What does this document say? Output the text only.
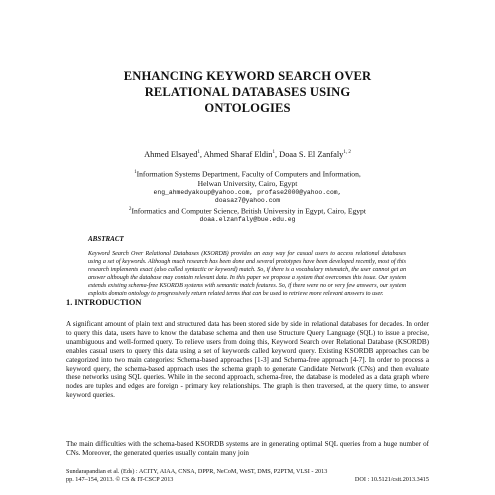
ENHANCING KEYWORD SEARCH OVER
RELATIONAL DATABASES USING
ONTOLOGIES
Ahmed Elsayed$^1$, Ahmed Sharaf Eldin$^1$, Doaa S. El Zanfaly$^{1, 2}$
$^1$Information Systems Department, Faculty of Computers and Information,
Helwan University, Cairo, Egypt
eng_ahmedyakoup@yahoo.com, profase2000@yahoo.com,
doasaz7@yahoo.com
$^2$Informatics and Computer Science, British University in Egypt, Cairo, Egypt
doaa.elzanfaly@bue.edu.eg
ABSTRACT
Keyword Search Over Relational Databases (KSORDB) provides an easy way for casual users to access relational databases using a set of keywords. Although much research has been done and several prototypes have been developed recently, most of this research implements exact (also called syntactic or keyword) match. So, if there is a vocabulary mismatch, the user cannot get an answer although the database may contain relevant data. In this paper we propose a system that overcomes this issue. Our system extends existing schema-free KSORDB systems with semantic match features. So, if there were no or very few answers, our system exploits domain ontology to progressively return related terms that can be used to retrieve more relevant answers to user.
1. INTRODUCTION
A significant amount of plain text and structured data has been stored side by side in relational databases for decades. In order to query this data, users have to know the database schema and then use Structure Query Language (SQL) to issue a precise, unambiguous and well-formed query. To relieve users from doing this, Keyword Search over Relational Database (KSORDB) enables casual users to query this data using a set of keywords called keyword query. Existing KSORDB approaches can be categorized into two main categories: Schema-based approaches [1-3] and Schema-free approach [4-7]. In order to process a keyword query, the schema-based approach uses the schema graph to generate Candidate Network (CNs) and then evaluate these networks using SQL queries. While in the second approach, schema-free, the database is modeled as a data graph where nodes are tuples and edges are foreign - primary key relationships. The graph is then traversed, at the query time, to answer keyword queries.
The main difficulties with the schema-based KSORDB systems are in generating optimal SQL queries from a huge number of CNs. Moreover, the generated queries usually contain many join
Sundarapandian et al. (Eds) : ACITY, AIAA, CNSA, DPPR, NeCoM, WeST, DMS, P2PTM, VLSI - 2013
pp. 147–154, 2013. © CS & IT-CSCP 2013	DOI : 10.5121/csit.2013.3415
